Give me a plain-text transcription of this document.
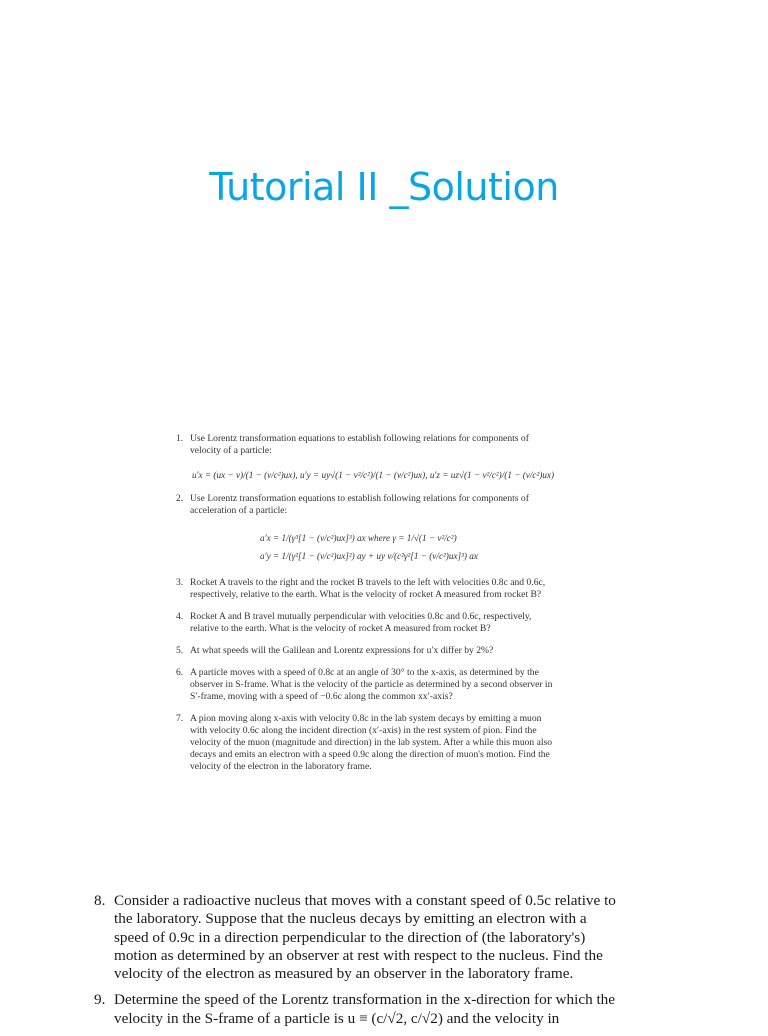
Tutorial II _Solution
1. Use Lorentz transformation equations to establish following relations for components of velocity of a particle:
u′x = (ux − v)/(1 − (v/c²)ux), u′y = uy√(1 − v²/c²)/(1 − (v/c²)ux), u′z = uz√(1 − v²/c²)/(1 − (v/c²)ux)
2. Use Lorentz transformation equations to establish following relations for components of acceleration of a particle:
a′x = 1/(γ³[1 − (v/c²)ux]³) ax where γ = 1/√(1 − v²/c²)
a′y = 1/(γ²[1 − (v/c²)ux]²) ay + uy v/(c²γ²[1 − (v/c²)ux]³) ax
3. Rocket A travels to the right and the rocket B travels to the left with velocities 0.8c and 0.6c, respectively, relative to the earth. What is the velocity of rocket A measured from rocket B?
4. Rocket A and B travel mutually perpendicular with velocities 0.8c and 0.6c, respectively, relative to the earth. What is the velocity of rocket A measured from rocket B?
5. At what speeds will the Galilean and Lorentz expressions for u′x differ by 2%?
6. A particle moves with a speed of 0.8c at an angle of 30° to the x-axis, as determined by the observer in S-frame. What is the velocity of the particle as determined by a second observer in S′-frame, moving with a speed of −0.6c along the common xx′-axis?
7. A pion moving along x-axis with velocity 0.8c in the lab system decays by emitting a muon with velocity 0.6c along the incident direction (x′-axis) in the rest system of pion. Find the velocity of the muon (magnitude and direction) in the lab system. After a while this muon also decays and emits an electron with a speed 0.9c along the direction of muon's motion. Find the velocity of the electron in the laboratory frame.
8. Consider a radioactive nucleus that moves with a constant speed of 0.5c relative to the laboratory. Suppose that the nucleus decays by emitting an electron with a speed of 0.9c in a direction perpendicular to the direction of (the laboratory's) motion as determined by an observer at rest with respect to the nucleus. Find the velocity of the electron as measured by an observer in the laboratory frame.
9. Determine the speed of the Lorentz transformation in the x-direction for which the velocity in the S-frame of a particle is u ≡ (c/√2, c/√2) and the velocity in
